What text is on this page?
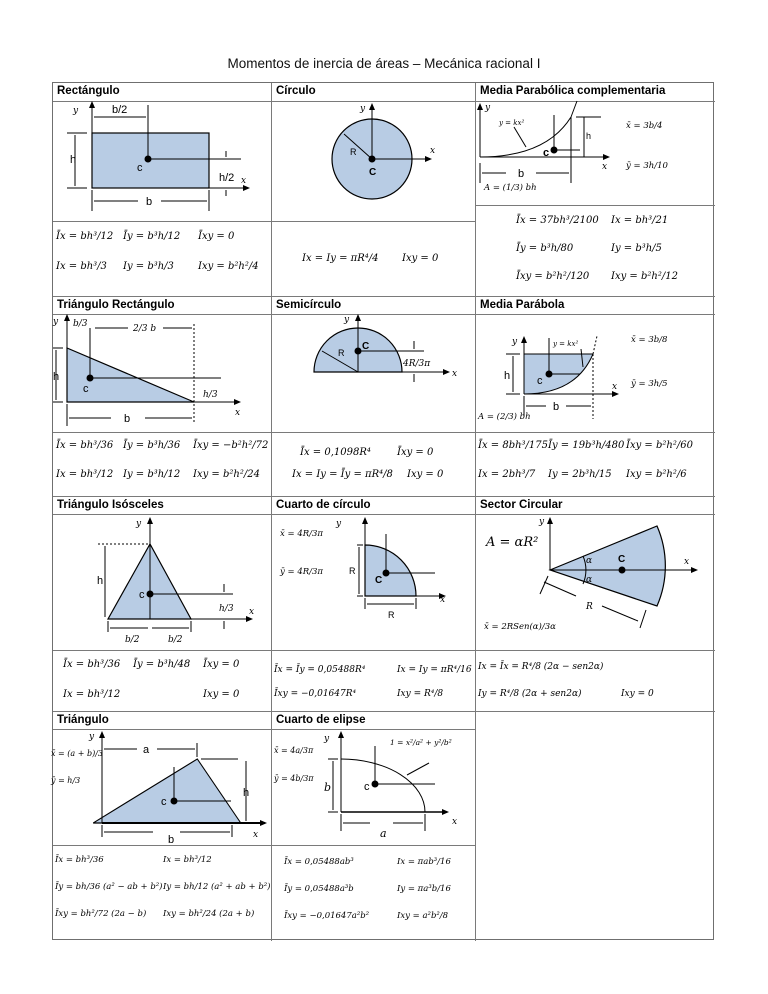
Momentos de inercia de áreas – Mecánica racional I
Rectángulo
y	b/2
h
c
h/2 x
b
Īx = bh³/12 Īy = b³h/12 Īxy = 0
Ix = bh³/3 Iy = b³h/3 Ixy = b²h²/4
Círculo
y
x
R
C
Ix = Iy = πR⁴/4 Ixy = 0
Media Parabólica complementaria
y
y = kx²
h
c
x
b
A = (1/3) bh
x̄ = 3b/4
ȳ = 3h/10
Īx = 37bh³/2100 Ix = bh³/21
Īy = b³h/80	Iy = b³h/5
Īxy = b²h²/120 Ixy = b²h²/12
Triángulo Rectángulo
y b/3	2/3 b
h
c	h/3
x
b
Īx = bh³/36 Īy = b³h/36 Īxy = −b²h²/72
Ix = bh³/12 Iy = b³h/12 Ixy = b²h²/24
Semicírculo
y
R
C
4R/3π
x
Īx = 0,1098R⁴	Īxy = 0
Ix = Iy = Īy = πR⁴/8 Ixy = 0
Media Parábola
y	y = kx²
h c	x
b
A = (2/3) bh
x̄ = 3b/8
ȳ = 3h/5
Īx = 8bh³/175 Īy = 19b³h/480 Īxy = b²h²/60
Ix = 2bh³/7 Iy = 2b³h/15 Ixy = b²h²/6
Triángulo Isósceles
y
h
c
h/3 x
b/2	b/2
Īx = bh³/36 Īy = b³h/48 Īxy = 0
Ix = bh³/12	Ixy = 0
Cuarto de círculo
y
R
C
x
R
x̄ = 4R/3π
ȳ = 4R/3π
Īx = Īy = 0,05488R⁴	Ix = Iy = πR⁴/16
Īxy = −0,01647R⁴	Ixy = R⁴/8
Sector Circular
y
α
α
C	x
R
A = αR²
x̄ = 2RSen(α)/3α
Ix = Īx = R⁴/8 (2α − sen2α)
Iy = R⁴/8 (2α + sen2α)	Ixy = 0
Triángulo
y
a
h
c
x
b
x̄ = (a + b)/3
ȳ = h/3
Īx = bh³/36	Ix = bh³/12
Īy = bh/36 (a² − ab + b²) Iy = bh/12 (a² + ab + b²)
Īxy = bh²/72 (2a − b) Ixy = bh²/24 (2a + b)
Cuarto de elipse
y
b	c
x
a
1 = x²/a² + y²/b²
x̄ = 4a/3π
ȳ = 4b/3π
Īx = 0,05488ab³	Ix = πab³/16
Īy = 0,05488a³b	Iy = πa³b/16
Īxy = −0,01647a²b²	Ixy = a²b²/8
